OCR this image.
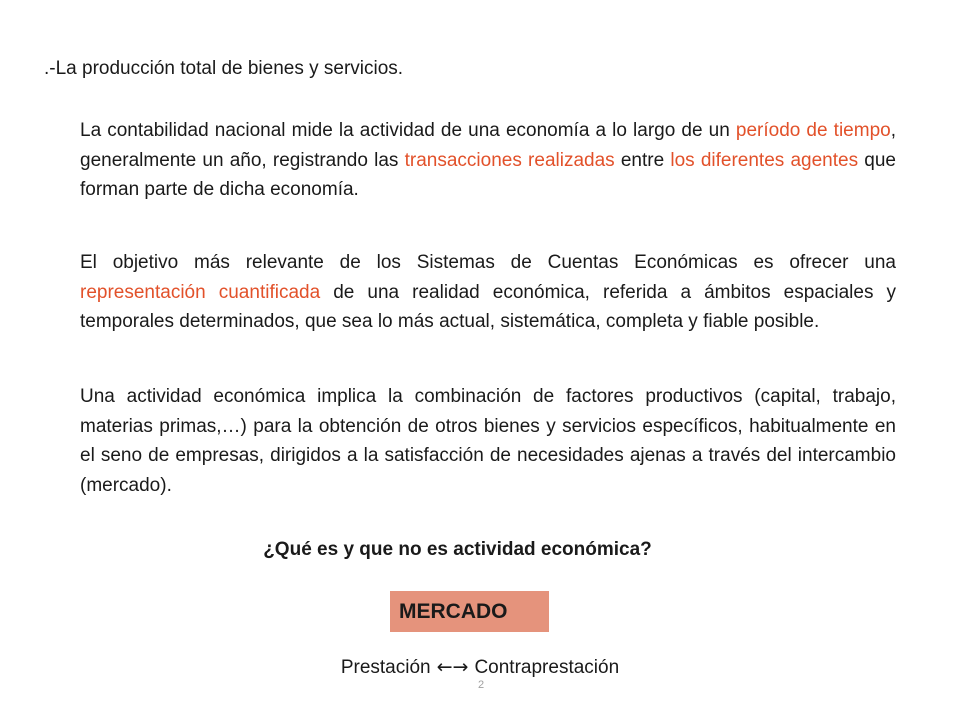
.-La producción total de bienes y servicios.

La contabilidad nacional mide la actividad de una economía a lo largo de un período de tiempo, generalmente un año, registrando las transacciones realizadas entre los diferentes agentes que forman parte de dicha economía.

El objetivo más relevante de los Sistemas de Cuentas Económicas es ofrecer una representación cuantificada de una realidad económica, referida a ámbitos espaciales y temporales determinados, que sea lo más actual, sistemática, completa y fiable posible.

Una actividad económica implica la combinación de factores productivos (capital, trabajo, materias primas,…) para la obtención de otros bienes y servicios específicos, habitualmente en el seno de empresas, dirigidos a la satisfacción de necesidades ajenas a través del intercambio (mercado).

¿Qué es y que no es actividad económica?
MERCADO
Prestación ←→ Contraprestación
2
